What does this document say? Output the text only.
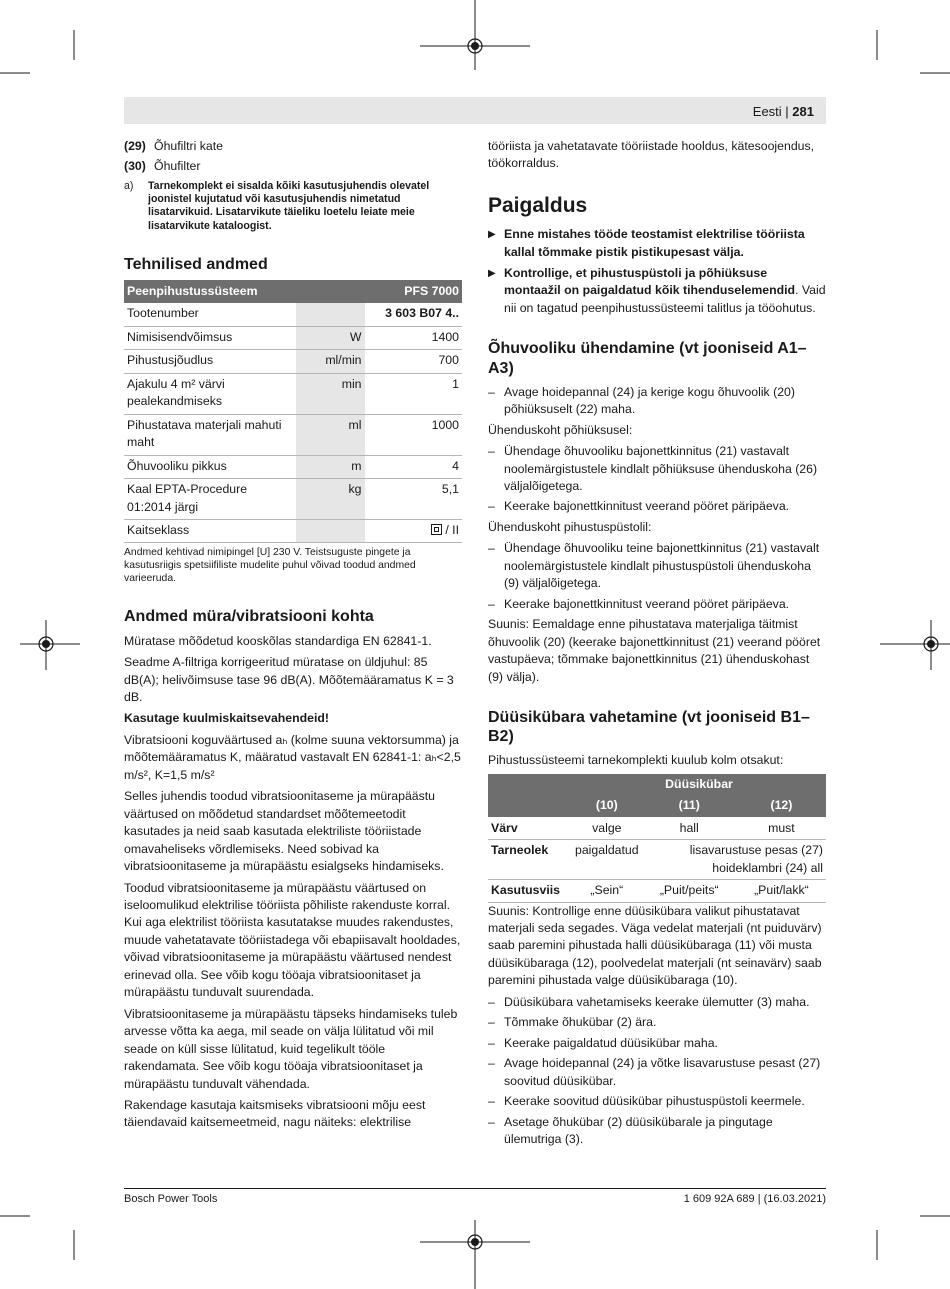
Eesti | 281
(29) Õhufiltri kate
(30) Õhufilter
a)	Tarnekomplekt ei sisalda kõiki kasutusjuhendis olevatel joonistel kujutatud või kasutusjuhendis nimetatud lisatarvikuid. Lisatarvikute täieliku loetelu leiate meie lisatarvikute kataloogist.
Tehnilised andmed
Peenpihustussüsteem		PFS 7000
Tootenumber		3 603 B07 4..
Nimisisendvõimsus	W	1400
Pihustusjõudlus	ml/min	700
Ajakulu 4 m² värvi pealekandmiseks	min	1
Pihustatava materjali mahuti maht	ml	1000
Õhuvooliku pikkus	m	4
Kaal EPTA-Procedure 01:2014 järgi	kg	5,1
Kaitseklass		/ II
Andmed kehtivad nimipingel [U] 230 V. Teistsuguste pingete ja kasutusriigis spetsiifiliste mudelite puhul võivad toodud andmed varieeruda.
Andmed müra/vibratsiooni kohta

Müratase mõõdetud kooskõlas standardiga EN 62841-1.

Seadme A-filtriga korrigeeritud müratase on üldjuhul: 85 dB(A); helivõimsuse tase 96 dB(A). Mõõtemääramatus K = 3 dB.

Kasutage kuulmiskaitsevahendeid!

Vibratsiooni koguväärtused aₕ (kolme suuna vektorsumma) ja mõõtemääramatus K, määratud vastavalt EN 62841-1: aₕ<2,5 m/s², K=1,5 m/s²

Selles juhendis toodud vibratsioonitaseme ja mürapäästu väärtused on mõõdetud standardset mõõtemeetodit kasutades ja neid saab kasutada elektriliste tööriistade omavaheliseks võrdlemiseks. Need sobivad ka vibratsioonitaseme ja mürapäästu esialgseks hindamiseks.

Toodud vibratsioonitaseme ja mürapäästu väärtused on iseloomulikud elektrilise tööriista põhiliste rakenduste korral. Kui aga elektrilist tööriista kasutatakse muudes rakendustes, muude vahetatavate tööriistadega või ebapiisavalt hooldades, võivad vibratsioonitaseme ja mürapäästu väärtused nendest erinevad olla. See võib kogu tööaja vibratsioonitaset ja mürapäästu tunduvalt suurendada.

Vibratsioonitaseme ja mürapäästu täpseks hindamiseks tuleb arvesse võtta ka aega, mil seade on välja lülitatud või mil seade on küll sisse lülitatud, kuid tegelikult tööle rakendamata. See võib kogu tööaja vibratsioonitaset ja mürapäästu tunduvalt vähendada.

Rakendage kasutaja kaitsmiseks vibratsiooni mõju eest täiendavaid kaitsemeetmeid, nagu näiteks: elektrilise

tööriista ja vahetatavate tööriistade hooldus, kätesoojendus, töökorraldus.

Paigaldus
▶ Enne mistahes tööde teostamist elektrilise tööriista kallal tõmmake pistik pistikupesast välja.
▶ Kontrollige, et pihustuspüstoli ja põhiüksuse montaažil on paigaldatud kõik tihenduselemendid. Vaid nii on tagatud peenpihustussüsteemi talitlus ja tööohutus.
Õhuvooliku ühendamine (vt jooniseid A1–A3)
– Avage hoidepannal (24) ja kerige kogu õhuvoolik (20) põhiüksuselt (22) maha.

Ühenduskoht põhiüksusel:

– Ühendage õhuvooliku bajonettkinnitus (21) vastavalt noolemärgistustele kindlalt põhiüksuse ühenduskoha (26) väljalõigetega.
– Keerake bajonettkinnitust veerand pööret päripäeva.

Ühenduskoht pihustuspüstolil:

– Ühendage õhuvooliku teine bajonettkinnitus (21) vastavalt noolemärgistustele kindlalt pihustuspüstoli ühenduskoha (9) väljalõigetega.
– Keerake bajonettkinnitust veerand pööret päripäeva.

Suunis: Eemaldage enne pihustatava materjaliga täitmist õhuvoolik (20) (keerake bajonettkinnitust (21) veerand pööret vastupäeva; tõmmake bajonettkinnitus (21) ühenduskohast (9) välja).

Düüsikübara vahetamine (vt jooniseid B1–B2)

Pihustussüsteemi tarnekomplekti kuulub kolm otsakut:

	Düüsikübar		
	(10)	(11)	(12)
Värv	valge	hall	must
Tarneolek	paigaldatud	lisavarustuse pesas (27) hoideklambri (24) all	
Kasutusviis	„Sein“	„Puit/peits“	„Puit/lakk“

Suunis: Kontrollige enne düüsikübara valikut pihustatavat materjali seda segades. Väga vedelat materjali (nt puiduvärv) saab paremini pihustada halli düüsikübaraga (11) või musta düüsikübaraga (12), poolvedelat materjali (nt seinavärv) saab paremini pihustada valge düüsikübaraga (10).

– Düüsikübara vahetamiseks keerake ülemutter (3) maha.
– Tõmmake õhukübar (2) ära.
– Keerake paigaldatud düüsikübar maha.
– Avage hoidepannal (24) ja võtke lisavarustuse pesast (27) soovitud düüsikübar.
– Keerake soovitud düüsikübar pihustuspüstoli keermele.
– Asetage õhukübar (2) düüsikübarale ja pingutage ülemutriga (3).
Bosch Power Tools	1 609 92A 689 | (16.03.2021)
